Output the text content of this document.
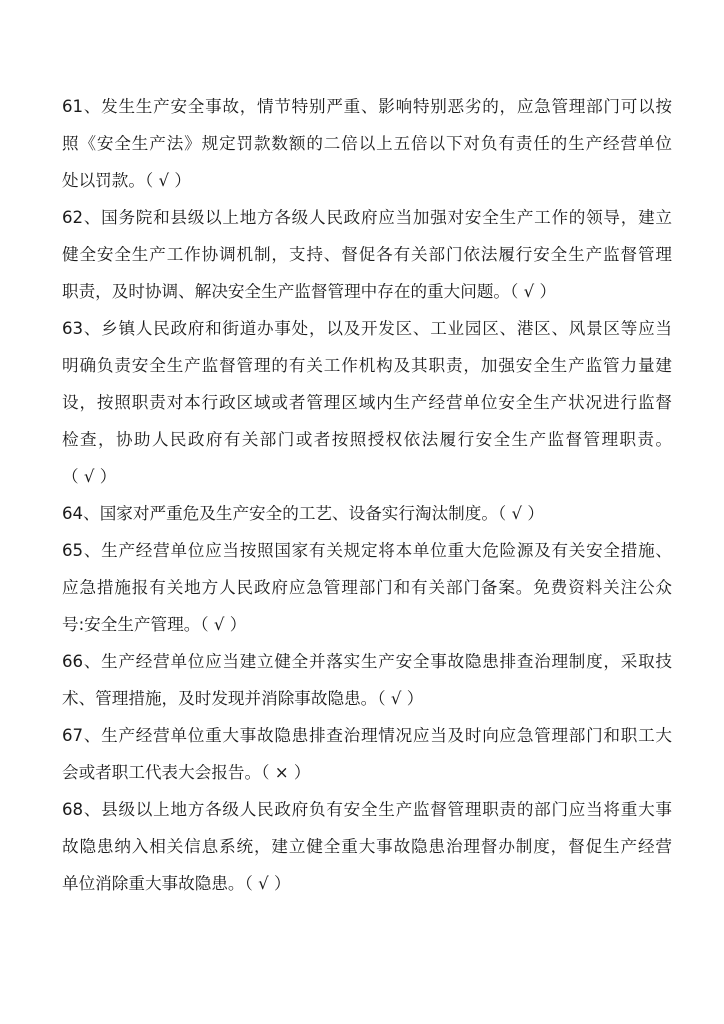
61、发生生产安全事故，情节特别严重、影响特别恶劣的，应急管理部门可以按
照《安全生产法》规定罚款数额的二倍以上五倍以下对负有责任的生产经营单位
处以罚款。（ √ ）
62、国务院和县级以上地方各级人民政府应当加强对安全生产工作的领导，建立
健全安全生产工作协调机制，支持、督促各有关部门依法履行安全生产监督管理
职责，及时协调、解决安全生产监督管理中存在的重大问题。（ √ ）
63、乡镇人民政府和街道办事处，以及开发区、工业园区、港区、风景区等应当
明确负责安全生产监督管理的有关工作机构及其职责，加强安全生产监管力量建
设，按照职责对本行政区域或者管理区域内生产经营单位安全生产状况进行监督
检查，协助人民政府有关部门或者按照授权依法履行安全生产监督管理职责。
（ √ ）
64、国家对严重危及生产安全的工艺、设备实行淘汰制度。（ √ ）
65、生产经营单位应当按照国家有关规定将本单位重大危险源及有关安全措施、
应急措施报有关地方人民政府应急管理部门和有关部门备案。免费资料关注公众
号:安全生产管理。（ √ ）
66、生产经营单位应当建立健全并落实生产安全事故隐患排查治理制度，采取技
术、管理措施，及时发现并消除事故隐患。（ √ ）
67、生产经营单位重大事故隐患排查治理情况应当及时向应急管理部门和职工大
会或者职工代表大会报告。（ × ）
68、县级以上地方各级人民政府负有安全生产监督管理职责的部门应当将重大事
故隐患纳入相关信息系统，建立健全重大事故隐患治理督办制度，督促生产经营
单位消除重大事故隐患。（ √ ）
